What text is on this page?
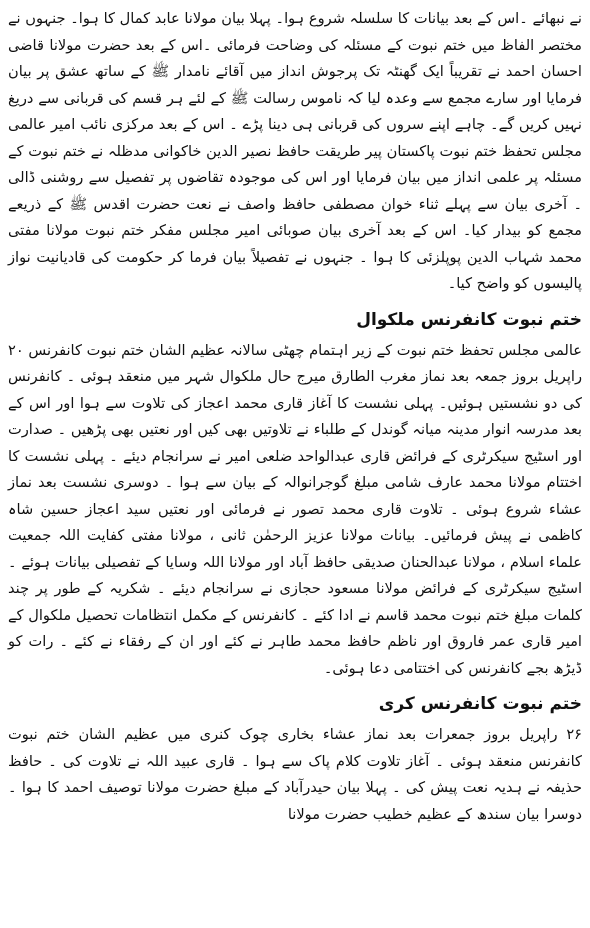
نے نبھائے ۔اس کے بعد بیانات کا سلسلہ شروع ہوا۔ پہلا بیان مولانا عابد کمال کا ہوا۔ جنہوں نے مختصر الفاظ میں ختم نبوت کے مسئلہ کی وضاحت فرمائی ۔اس کے بعد حضرت مولانا قاضی احسان احمد نے تقریباً ایک گھنٹہ تک پرجوش انداز میں آقائے نامدار ﷺ کے ساتھ عشق پر بیان فرمایا اور سارے مجمع سے وعدہ لیا کہ ناموس رسالت ﷺ کے لئے ہر قسم کی قربانی سے دریغ نہیں کریں گے۔ چاہے اپنے سروں کی قربانی ہی دینا پڑے ۔ اس کے بعد مرکزی نائب امیر عالمی مجلس تحفظ ختم نبوت پاکستان پیر طریقت حافظ نصیر الدین خاکوانی مدظلہ نے ختم نبوت کے مسئلہ پر علمی انداز میں بیان فرمایا اور اس کی موجودہ تقاضوں پر تفصیل سے روشنی ڈالی ۔ آخری بیان سے پہلے ثناء خوان مصطفی حافظ واصف نے نعت حضرت اقدس ﷺ کے ذریعے مجمع کو بیدار کیا۔ اس کے بعد آخری بیان صوبائی امیر مجلس مفکر ختم نبوت مولانا مفتی محمد شہاب الدین پوپلزئی کا ہوا ۔ جنہوں نے تفصیلاً بیان فرما کر حکومت کی قادیانیت نواز پالیسوں کو واضح کیا۔

ختم نبوت کانفرنس ملکوال

عالمی مجلس تحفظ ختم نبوت کے زیر اہتمام چھٹی سالانہ عظیم الشان ختم نبوت کانفرنس ۲۰ راپریل بروز جمعہ بعد نماز مغرب الطارق میرج حال ملکوال شہر میں منعقد ہوئی ۔ کانفرنس کی دو نشستیں ہوئیں۔ پہلی نشست کا آغاز قاری محمد اعجاز کی تلاوت سے ہوا اور اس کے بعد مدرسہ انوار مدینہ میانہ گوندل کے طلباء نے تلاوتیں بھی کیں اور نعتیں بھی پڑھیں ۔ صدارت اور اسٹیج سیکرٹری کے فرائض قاری عبدالواحد ضلعی امیر نے سرانجام دیئے ۔ پہلی نشست کا اختتام مولانا محمد عارف شامی مبلغ گوجرانوالہ کے بیان سے ہوا ۔ دوسری نشست بعد نماز عشاء شروع ہوئی ۔ تلاوت قاری محمد تصور نے فرمائی اور نعتیں سید اعجاز حسین شاہ کاظمی نے پیش فرمائیں۔ بیانات مولانا عزیز الرحمٰن ثانی ، مولانا مفتی کفایت اللہ جمعیت علماء اسلام ، مولانا عبدالحنان صدیقی حافظ آباد اور مولانا اللہ وسایا کے تفصیلی بیانات ہوئے ۔ اسٹیج سیکرٹری کے فرائض مولانا مسعود حجازی نے سرانجام دیئے ۔ شکریہ کے طور پر چند کلمات مبلغ ختم نبوت محمد قاسم نے ادا کئے ۔ کانفرنس کے مکمل انتظامات تحصیل ملکوال کے امیر قاری عمر فاروق اور ناظم حافظ محمد طاہر نے کئے اور ان کے رفقاء نے کئے ۔ رات کو ڈیڑھ بجے کانفرنس کی اختتامی دعا ہوئی۔

ختم نبوت کانفرنس کری

۲۶ راپریل بروز جمعرات بعد نماز عشاء بخاری چوک کنری میں عظیم الشان ختم نبوت کانفرنس منعقد ہوئی ۔ آغاز تلاوت کلام پاک سے ہوا ۔ قاری عبید اللہ نے تلاوت کی ۔ حافظ حذیفہ نے ہدیہ نعت پیش کی ۔ پہلا بیان حیدرآباد کے مبلغ حضرت مولانا توصیف احمد کا ہوا ۔ دوسرا بیان سندھ کے عظیم خطیب حضرت مولانا
